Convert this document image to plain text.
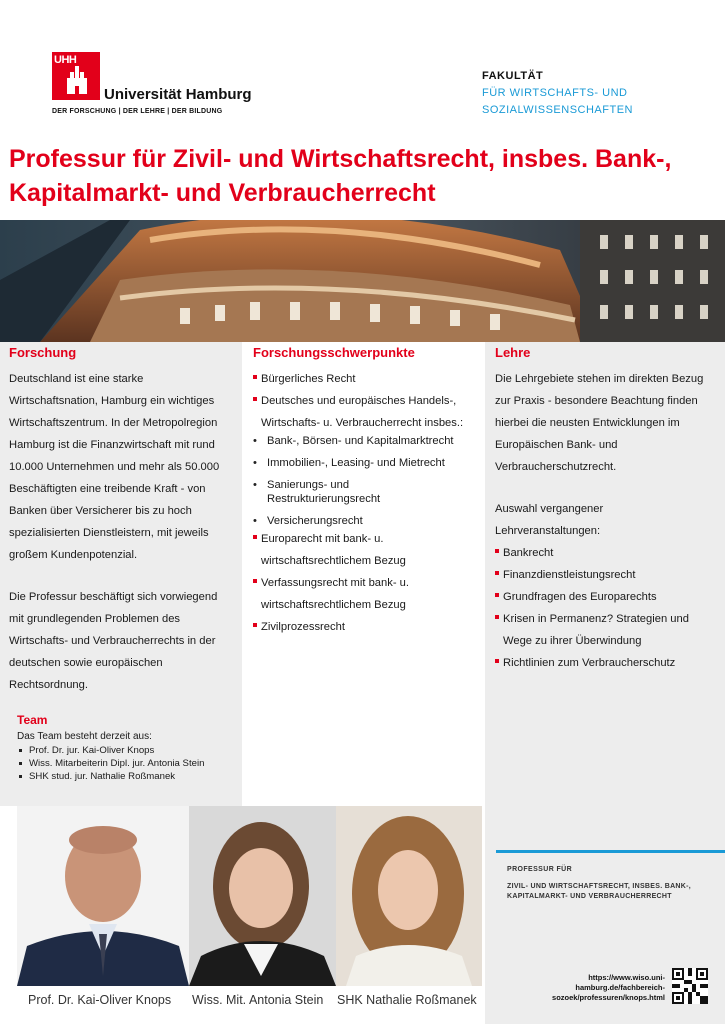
UHH
Universität Hamburg
DER FORSCHUNG | DER LEHRE | DER BILDUNG
FAKULTÄT
FÜR WIRTSCHAFTS- UND
SOZIALWISSENSCHAFTEN
Professur für Zivil- und Wirtschaftsrecht, insbes. Bank-,
Kapitalmarkt- und Verbraucherrecht
Forschung

Deutschland ist eine starke
Wirtschaftsnation, Hamburg ein wichtiges
Wirtschaftszentrum. In der Metropolregion
Hamburg ist die Finanzwirtschaft mit rund
10.000 Unternehmen und mehr als 50.000
Beschäftigten eine treibende Kraft - von
Banken über Versicherer bis zu hoch
spezialisierten Dienstleistern, mit jeweils
großem Kundenpotenzial.

Die Professur beschäftigt sich vorwiegend
mit grundlegenden Problemen des
Wirtschafts- und Verbraucherrechts in der
deutschen sowie europäischen
Rechtsordnung.

Forschungsschwerpunkte
Bürgerliches Recht
Deutsches und europäisches Handels-,
Wirtschafts- u. Verbraucherrecht insbes.:
• Bank-, Börsen- und Kapitalmarktrecht
• Immobilien-, Leasing- und Mietrecht
• Sanierungs- und Restrukturierungsrecht
• Versicherungsrecht
Europarecht mit bank- u.
wirtschaftsrechtlichem Bezug
Verfassungsrecht mit bank- u.
wirtschaftsrechtlichem Bezug
Zivilprozessrecht
Lehre

Die Lehrgebiete stehen im direkten Bezug
zur Praxis - besondere Beachtung finden
hierbei die neusten Entwicklungen im
Europäischen Bank- und
Verbraucherschutzrecht.

Auswahl vergangener
Lehrveranstaltungen:

Bankrecht
Finanzdienstleistungsrecht
Grundfragen des Europarechts
Krisen in Permanenz? Strategien und
Wege zu ihrer Überwindung
Richtlinien zum Verbraucherschutz
Team
Das Team besteht derzeit aus:
Prof. Dr. jur. Kai-Oliver Knops
Wiss. Mitarbeiterin Dipl. jur. Antonia Stein
SHK stud. jur. Nathalie Roßmanek
Prof. Dr. Kai-Oliver Knops Wiss. Mit. Antonia Stein SHK Nathalie Roßmanek
PROFESSUR FÜR
ZIVIL- UND WIRTSCHAFTSRECHT, INSBES. BANK-,
KAPITALMARKT- UND VERBRAUCHERRECHT
https://www.wiso.uni-
hamburg.de/fachbereich-
sozoek/professuren/knops.html
